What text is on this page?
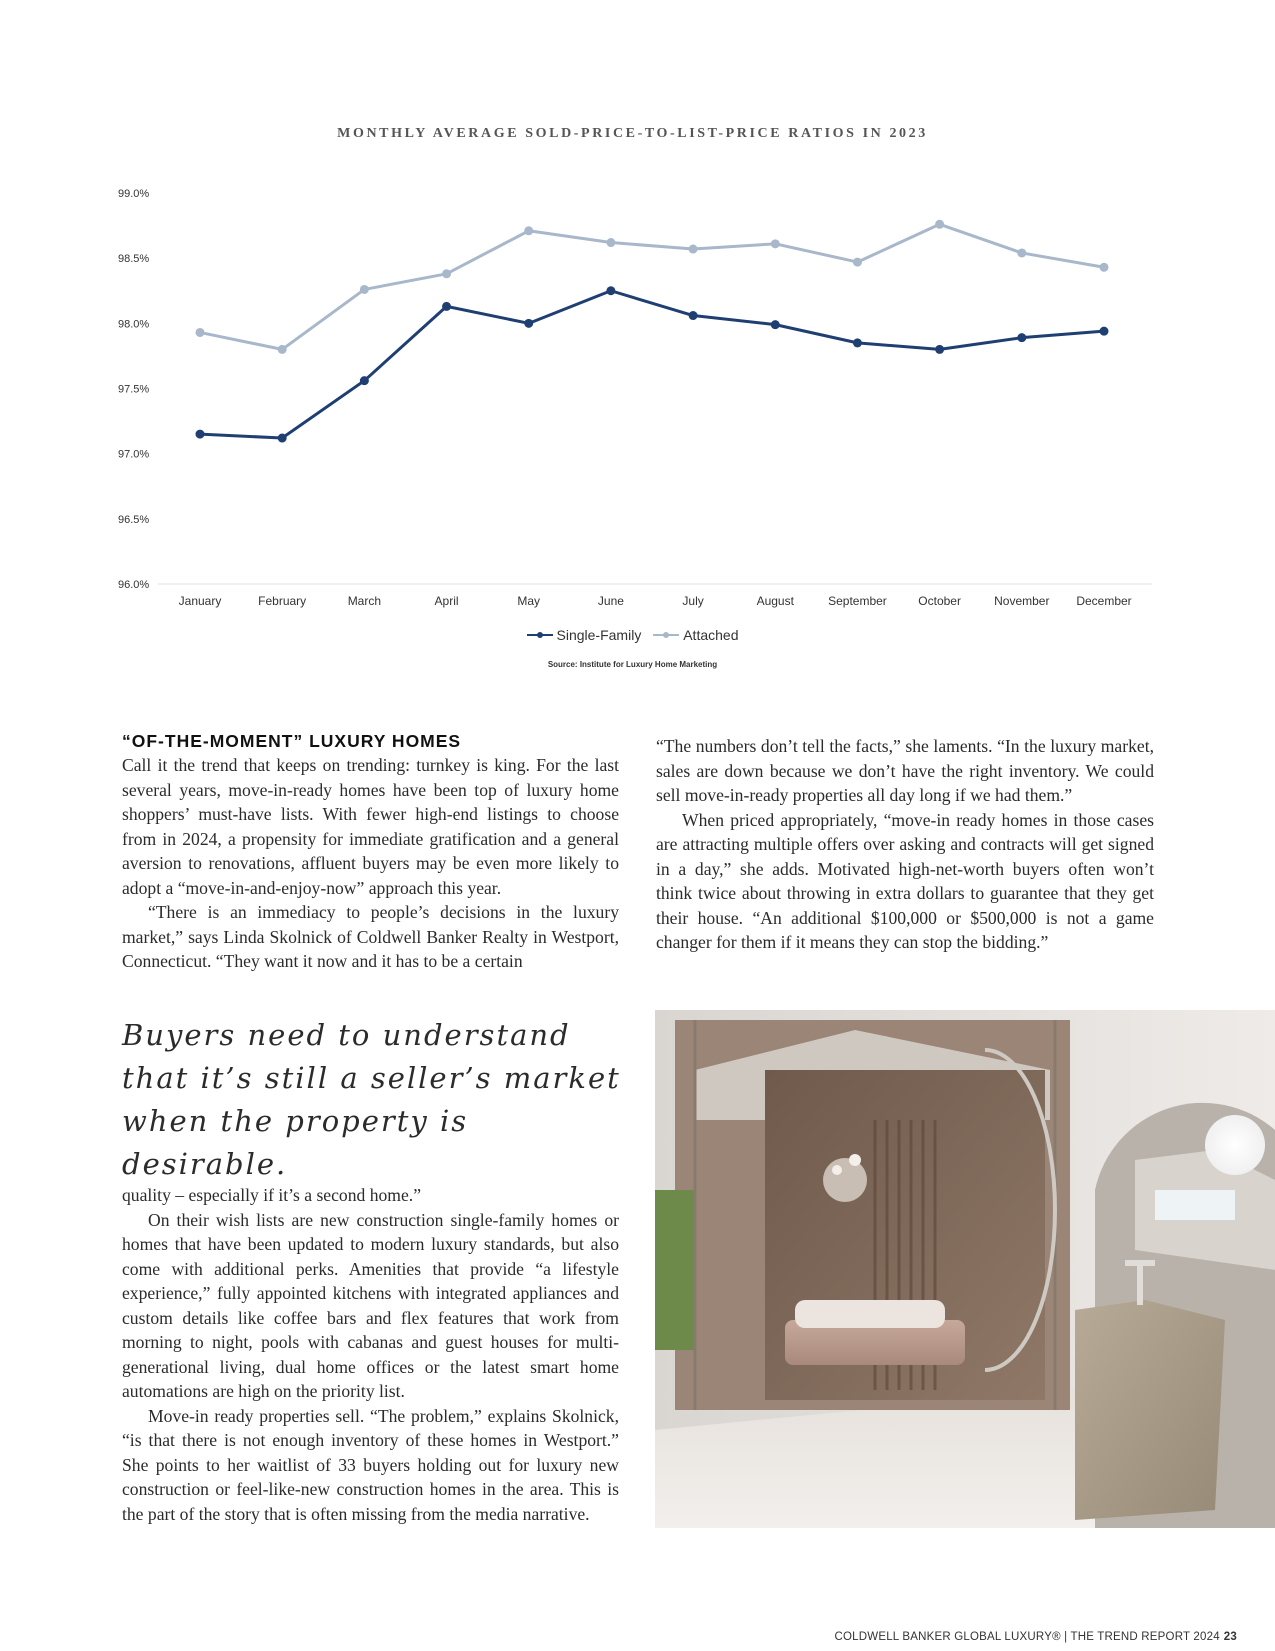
MONTHLY AVERAGE SOLD-PRICE-TO-LIST-PRICE RATIOS IN 2023
99.0%
98.5%
98.0%
97.5%
97.0%
96.5%
96.0%
January	February	March	April	May	June	July	August	September	October	November December
Single-Family
	Attached
Source: Institute for Luxury Home Marketing
“OF-THE-MOMENT” LUXURY HOMES

Call it the trend that keeps on trending: turnkey is king. For the last several years, move-in-ready homes have been top of luxury home shoppers’ must-have lists. With fewer high-end listings to choose from in 2024, a propensity for immediate gratification and a general aversion to renovations, affluent buyers may be even more likely to adopt a “move-in-and-enjoy-now” approach this year.

“There is an immediacy to people’s decisions in the luxury market,” says Linda Skolnick of Coldwell Banker Realty in Westport, Connecticut. “They want it now and it has to be a certain

Buyers need to understand that it’s still a seller’s market when the property is desirable.

quality – especially if it’s a second home.”

On their wish lists are new construction single-family homes or homes that have been updated to modern luxury standards, but also come with additional perks. Amenities that provide “a lifestyle experience,” fully appointed kitchens with integrated appliances and custom details like coffee bars and flex features that work from morning to night, pools with cabanas and guest houses for multi-generational living, dual home offices or the latest smart home automations are high on the priority list.

Move-in ready properties sell. “The problem,” explains Skolnick, “is that there is not enough inventory of these homes in Westport.” She points to her waitlist of 33 buyers holding out for luxury new construction or feel-like-new construction homes in the area. This is the part of the story that is often missing from the media narrative.

“The numbers don’t tell the facts,” she laments. “In the luxury market, sales are down because we don’t have the right inventory. We could sell move-in-ready properties all day long if we had them.”

When priced appropriately, “move-in ready homes in those cases are attracting multiple offers over asking and contracts will get signed in a day,” she adds. Motivated high-net-worth buyers often won’t think twice about throwing in extra dollars to guarantee that they get their house. “An additional $100,000 or $500,000 is not a game changer for them if it means they can stop the bidding.”

COLDWELL BANKER GLOBAL LUXURY® | THE TREND REPORT 2024 23
